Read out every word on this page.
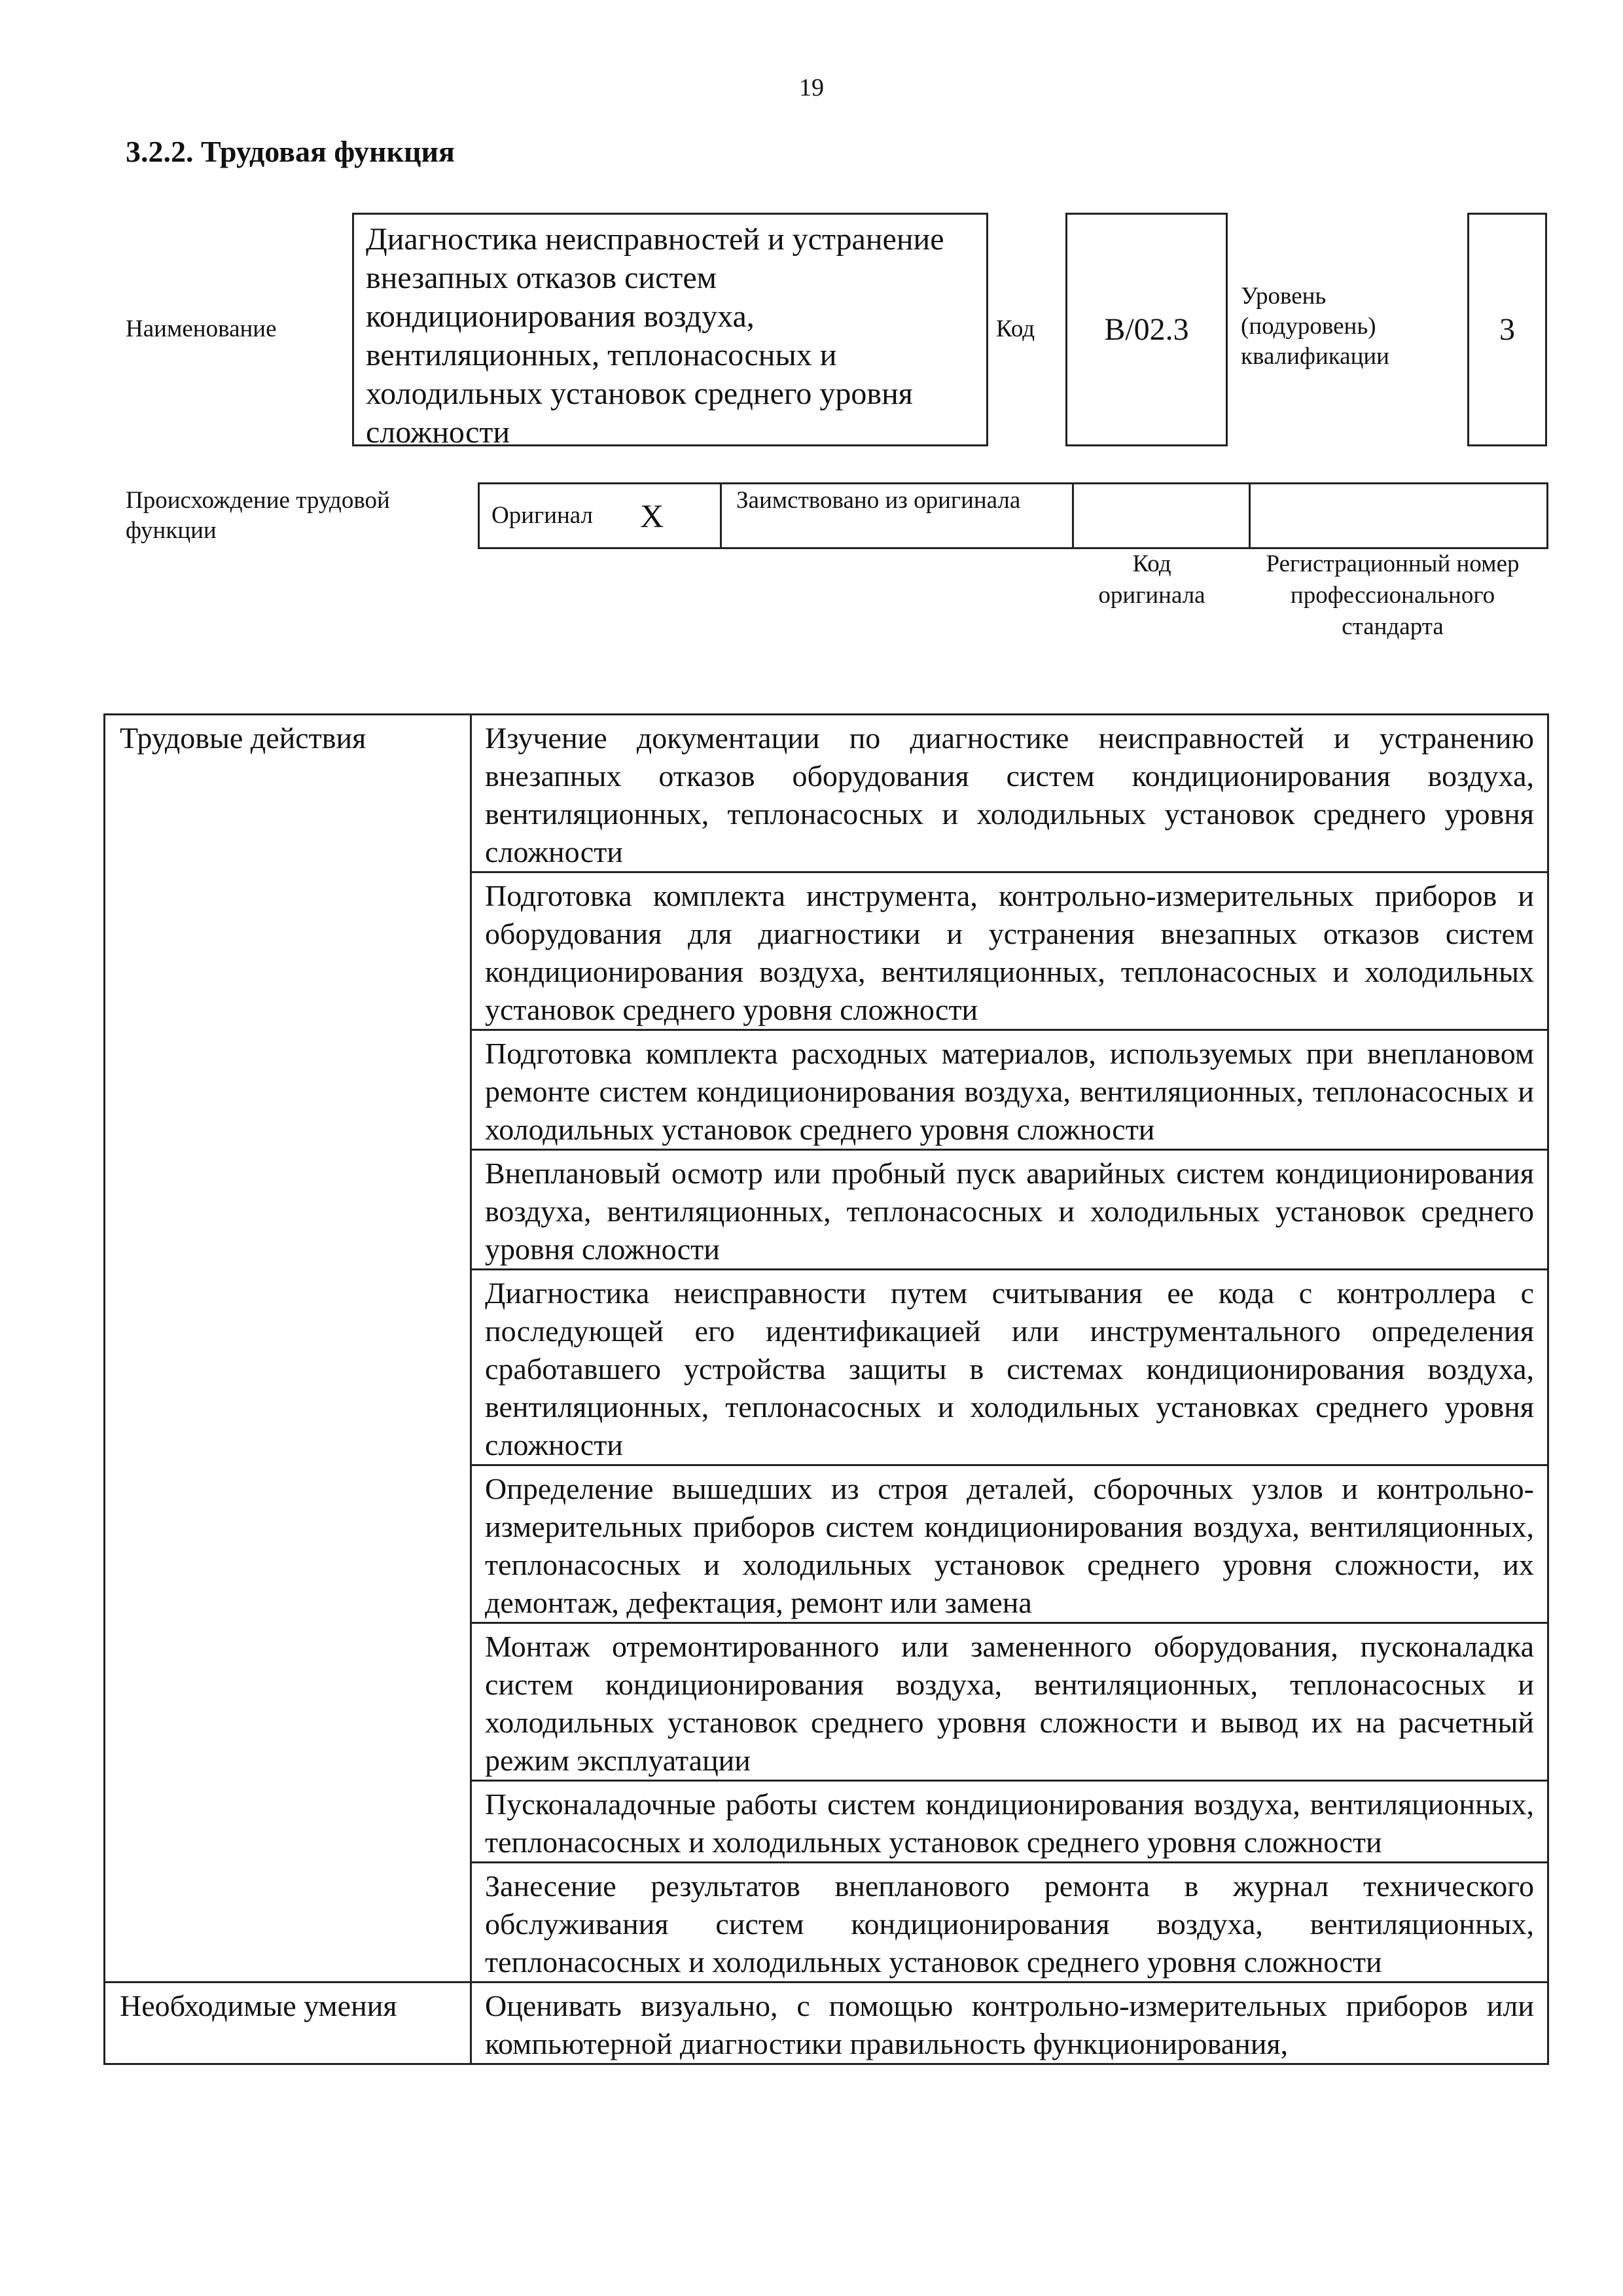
19
3.2.2. Трудовая функция
Наименование
Диагностика неисправностей и устранение внезапных отказов систем кондиционирования воздуха, вентиляционных, теплонасосных и холодильных установок среднего уровня сложности
Код B/02.3
Уровень (подуровень) квалификации
3
Происхождение трудовой функции
Оригинал X	Заимствовано из оригинала
Код оригинала
Регистрационный номер профессионального стандарта
Трудовые действия	Изучение документации по диагностике неисправностей и устранению внезапных отказов оборудования систем кондиционирования воздуха, вентиляционных, теплонасосных и холодильных установок среднего уровня сложности
	Подготовка комплекта инструмента, контрольно-измерительных приборов и оборудования для диагностики и устранения внезапных отказов систем кондиционирования воздуха, вентиляционных, теплонасосных и холодильных установок среднего уровня сложности
	Подготовка комплекта расходных материалов, используемых при внеплановом ремонте систем кондиционирования воздуха, вентиляционных, теплонасосных и холодильных установок среднего уровня сложности
	Внеплановый осмотр или пробный пуск аварийных систем кондиционирования воздуха, вентиляционных, теплонасосных и холодильных установок среднего уровня сложности
	Диагностика неисправности путем считывания ее кода с контроллера с последующей его идентификацией или инструментального определения сработавшего устройства защиты в системах кондиционирования воздуха, вентиляционных, теплонасосных и холодильных установках среднего уровня сложности
	Определение вышедших из строя деталей, сборочных узлов и контрольно-измерительных приборов систем кондиционирования воздуха, вентиляционных, теплонасосных и холодильных установок среднего уровня сложности, их демонтаж, дефектация, ремонт или замена
	Монтаж отремонтированного или замененного оборудования, пусконаладка систем кондиционирования воздуха, вентиляционных, теплонасосных и холодильных установок среднего уровня сложности и вывод их на расчетный режим эксплуатации
	Пусконаладочные работы систем кондиционирования воздуха, вентиляционных, теплонасосных и холодильных установок среднего уровня сложности
	Занесение результатов внепланового ремонта в журнал технического обслуживания систем кондиционирования воздуха, вентиляционных, теплонасосных и холодильных установок среднего уровня сложности
Необходимые умения	Оценивать визуально, с помощью контрольно-измерительных приборов или компьютерной диагностики правильность функционирования,
